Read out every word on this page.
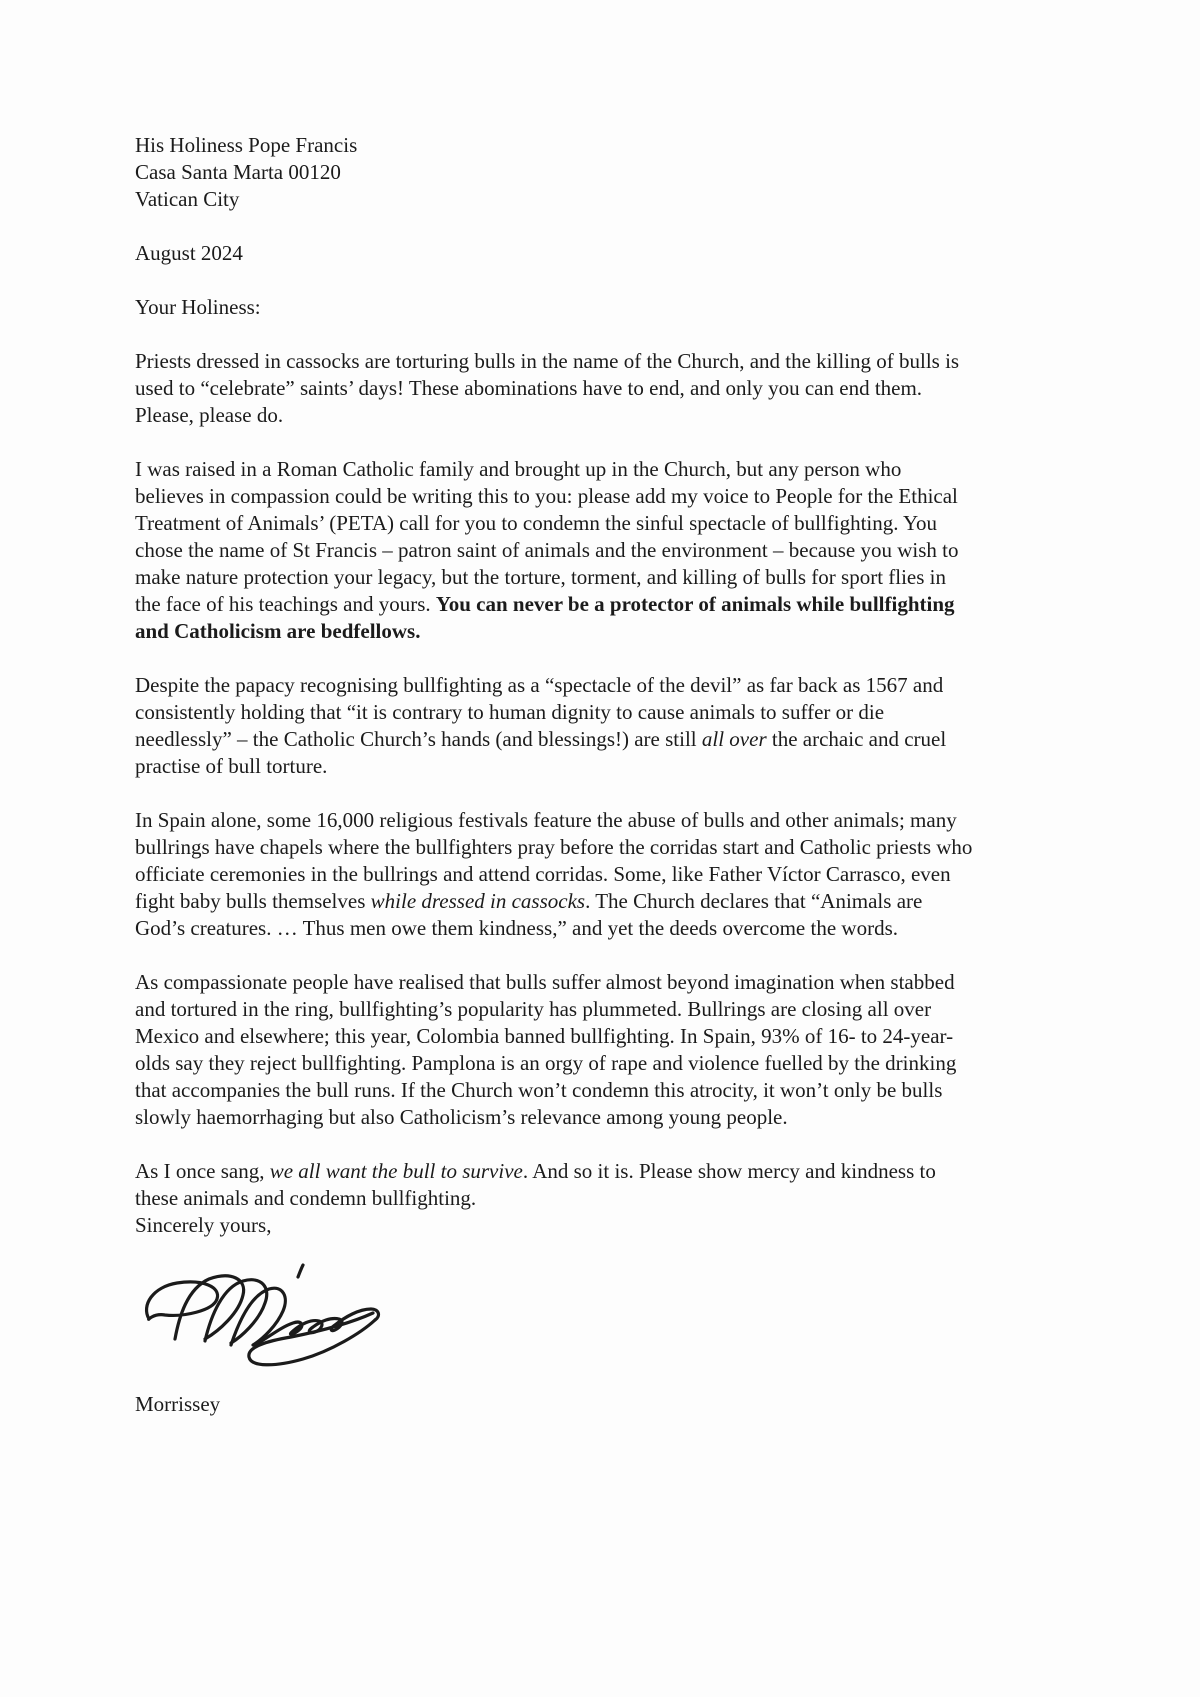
His Holiness Pope Francis
Casa Santa Marta 00120
Vatican City
August 2024
Your Holiness:

Priests dressed in cassocks are torturing bulls in the name of the Church, and the killing of bulls is used to “celebrate” saints’ days! These abominations have to end, and only you can end them. Please, please do.

I was raised in a Roman Catholic family and brought up in the Church, but any person who believes in compassion could be writing this to you: please add my voice to People for the Ethical Treatment of Animals’ (PETA) call for you to condemn the sinful spectacle of bullfighting. You chose the name of St Francis – patron saint of animals and the environment – because you wish to make nature protection your legacy, but the torture, torment, and killing of bulls for sport flies in the face of his teachings and yours. You can never be a protector of animals while bullfighting and Catholicism are bedfellows.

Despite the papacy recognising bullfighting as a “spectacle of the devil” as far back as 1567 and consistently holding that “it is contrary to human dignity to cause animals to suffer or die needlessly” – the Catholic Church’s hands (and blessings!) are still all over the archaic and cruel practise of bull torture.

In Spain alone, some 16,000 religious festivals feature the abuse of bulls and other animals; many bullrings have chapels where the bullfighters pray before the corridas start and Catholic priests who officiate ceremonies in the bullrings and attend corridas. Some, like Father Víctor Carrasco, even fight baby bulls themselves while dressed in cassocks. The Church declares that “Animals are God’s creatures. … Thus men owe them kindness,” and yet the deeds overcome the words.

As compassionate people have realised that bulls suffer almost beyond imagination when stabbed and tortured in the ring, bullfighting’s popularity has plummeted. Bullrings are closing all over Mexico and elsewhere; this year, Colombia banned bullfighting. In Spain, 93% of 16- to 24-year-olds say they reject bullfighting. Pamplona is an orgy of rape and violence fuelled by the drinking that accompanies the bull runs. If the Church won’t condemn this atrocity, it won’t only be bulls slowly haemorrhaging but also Catholicism’s relevance among young people.

As I once sang, we all want the bull to survive. And so it is. Please show mercy and kindness to these animals and condemn bullfighting.

Sincerely yours,
Morrissey
